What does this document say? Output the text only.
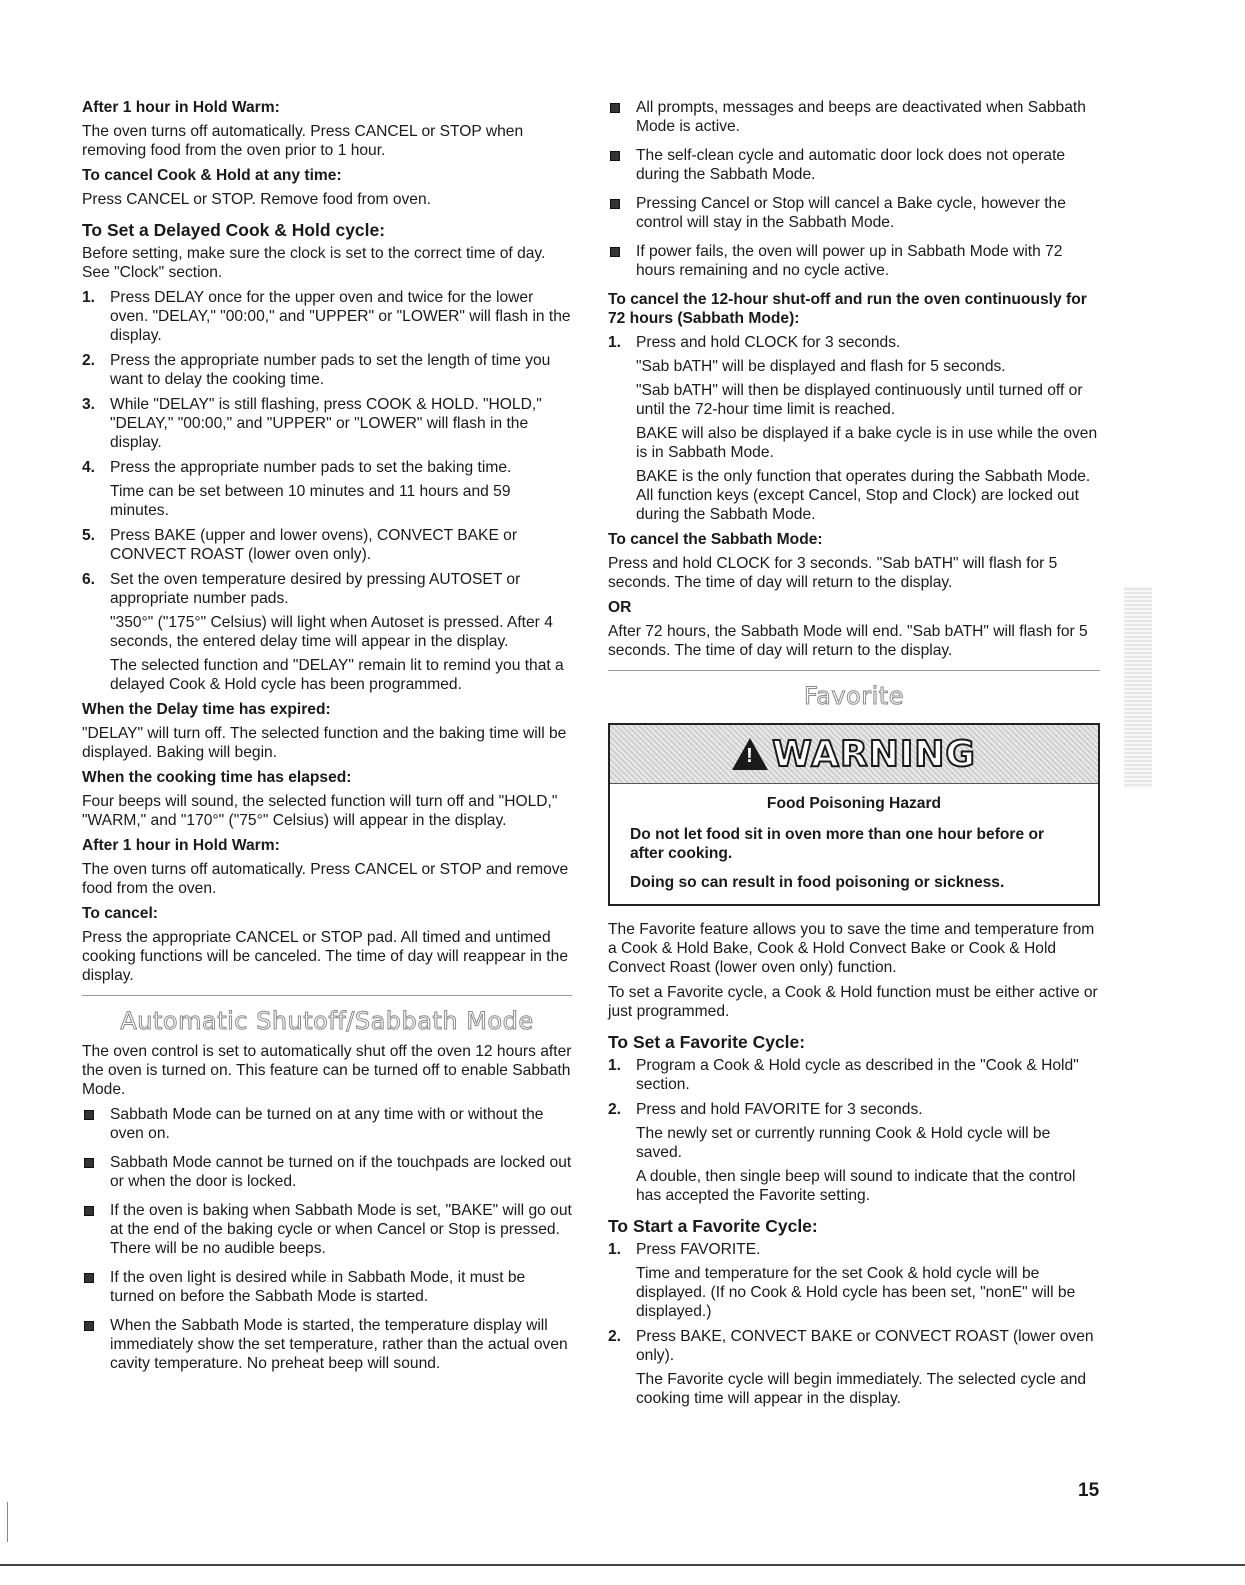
After 1 hour in Hold Warm:

The oven turns off automatically. Press CANCEL or STOP when removing food from the oven prior to 1 hour.

To cancel Cook & Hold at any time:

Press CANCEL or STOP. Remove food from oven.

To Set a Delayed Cook & Hold cycle:

Before setting, make sure the clock is set to the correct time of day. See "Clock" section.

1. Press DELAY once for the upper oven and twice for the lower oven. "DELAY," "00:00," and "UPPER" or "LOWER" will flash in the display.

2. Press the appropriate number pads to set the length of time you want to delay the cooking time.

3. While "DELAY" is still flashing, press COOK & HOLD. "HOLD," "DELAY," "00:00," and "UPPER" or "LOWER" will flash in the display.

4. Press the appropriate number pads to set the baking time.

Time can be set between 10 minutes and 11 hours and 59 minutes.

5. Press BAKE (upper and lower ovens), CONVECT BAKE or CONVECT ROAST (lower oven only).

6. Set the oven temperature desired by pressing AUTOSET or appropriate number pads.

"350°" ("175°" Celsius) will light when Autoset is pressed. After 4 seconds, the entered delay time will appear in the display.

The selected function and "DELAY" remain lit to remind you that a delayed Cook & Hold cycle has been programmed.

When the Delay time has expired:

"DELAY" will turn off. The selected function and the baking time will be displayed. Baking will begin.

When the cooking time has elapsed:

Four beeps will sound, the selected function will turn off and "HOLD," "WARM," and "170°" ("75°" Celsius) will appear in the display.

After 1 hour in Hold Warm:

The oven turns off automatically. Press CANCEL or STOP and remove food from the oven.

To cancel:

Press the appropriate CANCEL or STOP pad. All timed and untimed cooking functions will be canceled. The time of day will reappear in the display.

Automatic Shutoff/Sabbath Mode

The oven control is set to automatically shut off the oven 12 hours after the oven is turned on. This feature can be turned off to enable Sabbath Mode.

Sabbath Mode can be turned on at any time with or without the oven on.
Sabbath Mode cannot be turned on if the touchpads are locked out or when the door is locked.
If the oven is baking when Sabbath Mode is set, "BAKE" will go out at the end of the baking cycle or when Cancel or Stop is pressed. There will be no audible beeps.
If the oven light is desired while in Sabbath Mode, it must be turned on before the Sabbath Mode is started.
When the Sabbath Mode is started, the temperature display will immediately show the set temperature, rather than the actual oven cavity temperature. No preheat beep will sound.
All prompts, messages and beeps are deactivated when Sabbath Mode is active.
The self-clean cycle and automatic door lock does not operate during the Sabbath Mode.
Pressing Cancel or Stop will cancel a Bake cycle, however the control will stay in the Sabbath Mode.
If power fails, the oven will power up in Sabbath Mode with 72 hours remaining and no cycle active.

To cancel the 12-hour shut-off and run the oven continuously for 72 hours (Sabbath Mode):

1. Press and hold CLOCK for 3 seconds.

"Sab bATH" will be displayed and flash for 5 seconds.

"Sab bATH" will then be displayed continuously until turned off or until the 72-hour time limit is reached.

BAKE will also be displayed if a bake cycle is in use while the oven is in Sabbath Mode.

BAKE is the only function that operates during the Sabbath Mode. All function keys (except Cancel, Stop and Clock) are locked out during the Sabbath Mode.

To cancel the Sabbath Mode:

Press and hold CLOCK for 3 seconds. "Sab bATH" will flash for 5 seconds. The time of day will return to the display.

OR

After 72 hours, the Sabbath Mode will end. "Sab bATH" will flash for 5 seconds. The time of day will return to the display.

Favorite
! WARNING
Food Poisoning Hazard

Do not let food sit in oven more than one hour before or after cooking.

Doing so can result in food poisoning or sickness.

The Favorite feature allows you to save the time and temperature from a Cook & Hold Bake, Cook & Hold Convect Bake or Cook & Hold Convect Roast (lower oven only) function.

To set a Favorite cycle, a Cook & Hold function must be either active or just programmed.

To Set a Favorite Cycle:

1. Program a Cook & Hold cycle as described in the "Cook & Hold" section.

2. Press and hold FAVORITE for 3 seconds.

The newly set or currently running Cook & Hold cycle will be saved.

A double, then single beep will sound to indicate that the control has accepted the Favorite setting.

To Start a Favorite Cycle:

1. Press FAVORITE.

Time and temperature for the set Cook & hold cycle will be displayed. (If no Cook & Hold cycle has been set, "nonE" will be displayed.)

2. Press BAKE, CONVECT BAKE or CONVECT ROAST (lower oven only).

The Favorite cycle will begin immediately. The selected cycle and cooking time will appear in the display.

15
